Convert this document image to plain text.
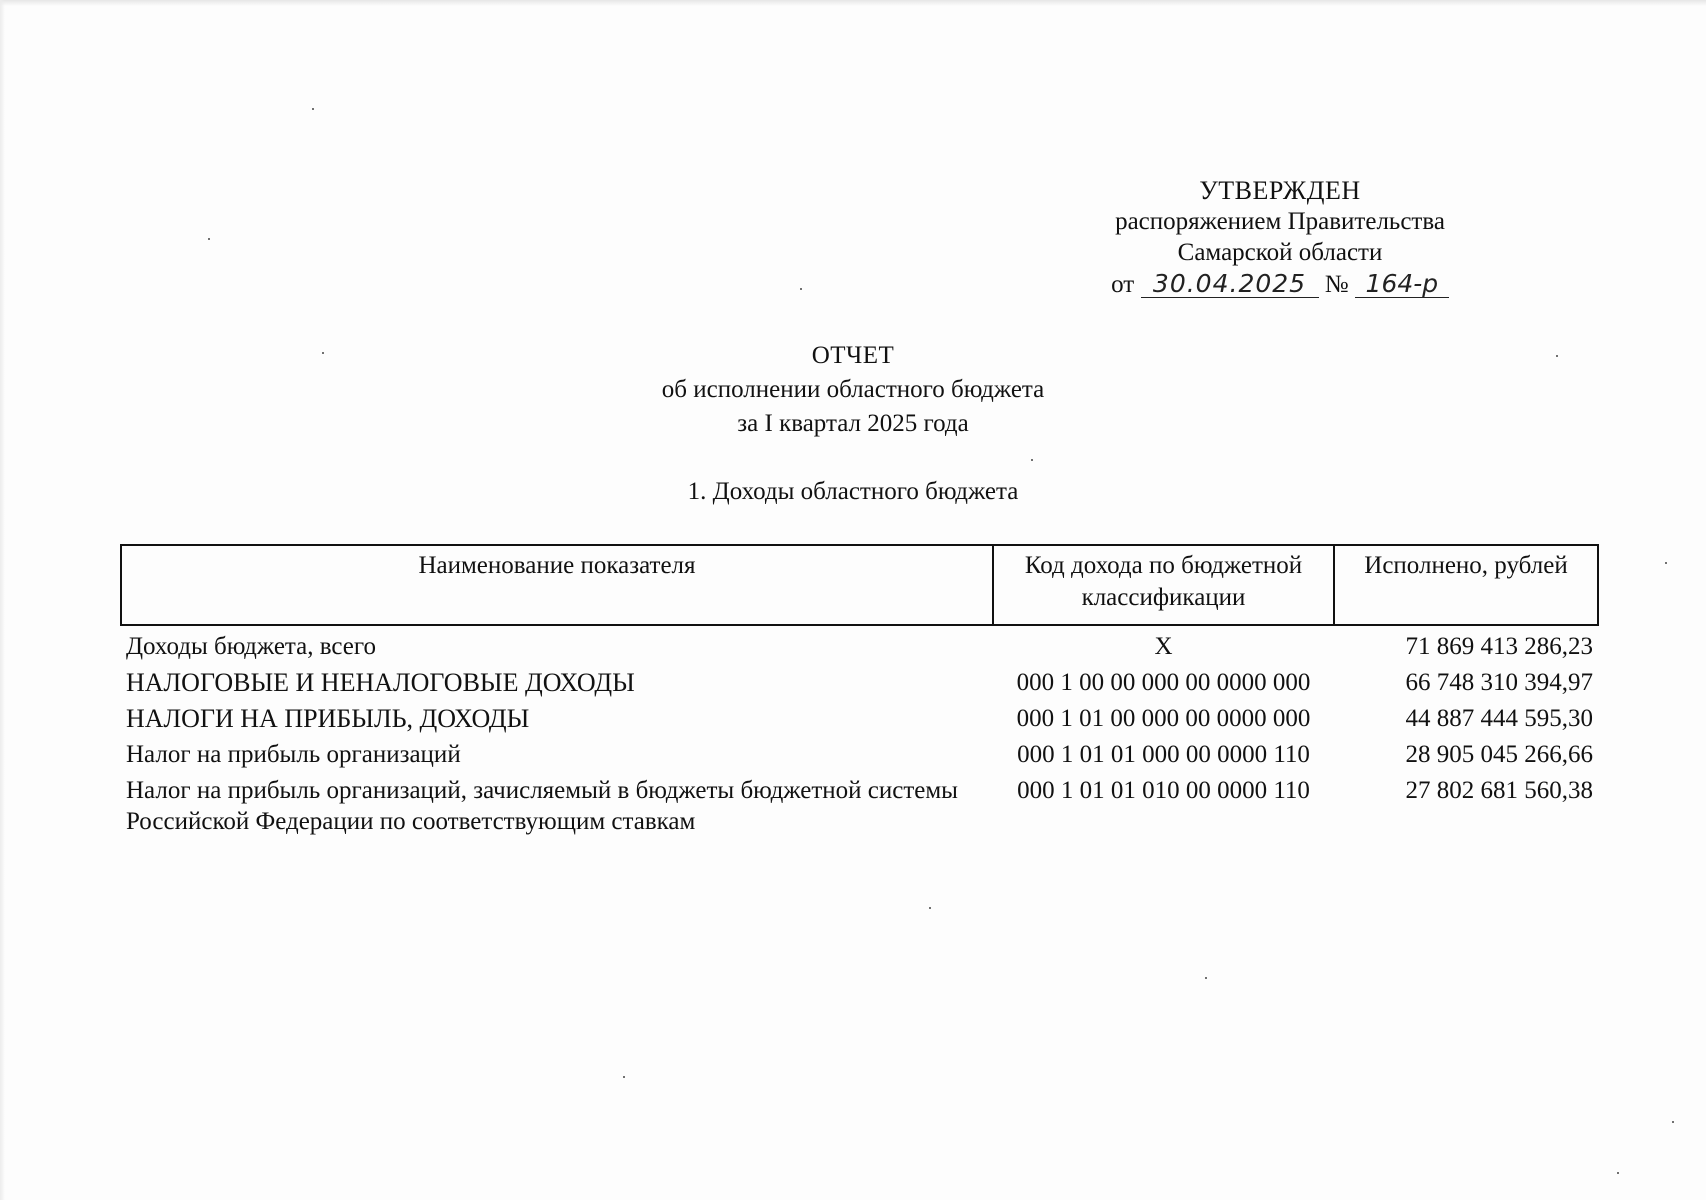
УТВЕРЖДЕН
распоряжением Правительства
Самарской области
от 30.04.2025 № 164-р
ОТЧЕТ
об исполнении областного бюджета
за I квартал 2025 года
1. Доходы областного бюджета
Наименование показателя	Код дохода по бюджетной классификации	Исполнено, рублей
Доходы бюджета, всего	X	71 869 413 286,23
НАЛОГОВЫЕ И НЕНАЛОГОВЫЕ ДОХОДЫ	000 1 00 00 000 00 0000 000	66 748 310 394,97
НАЛОГИ НА ПРИБЫЛЬ, ДОХОДЫ	000 1 01 00 000 00 0000 000	44 887 444 595,30
Налог на прибыль организаций	000 1 01 01 000 00 0000 110	28 905 045 266,66
Налог на прибыль организаций, зачисляемый в бюджеты бюджетной системы Российской Федерации по соответствующим ставкам	000 1 01 01 010 00 0000 110	27 802 681 560,38
